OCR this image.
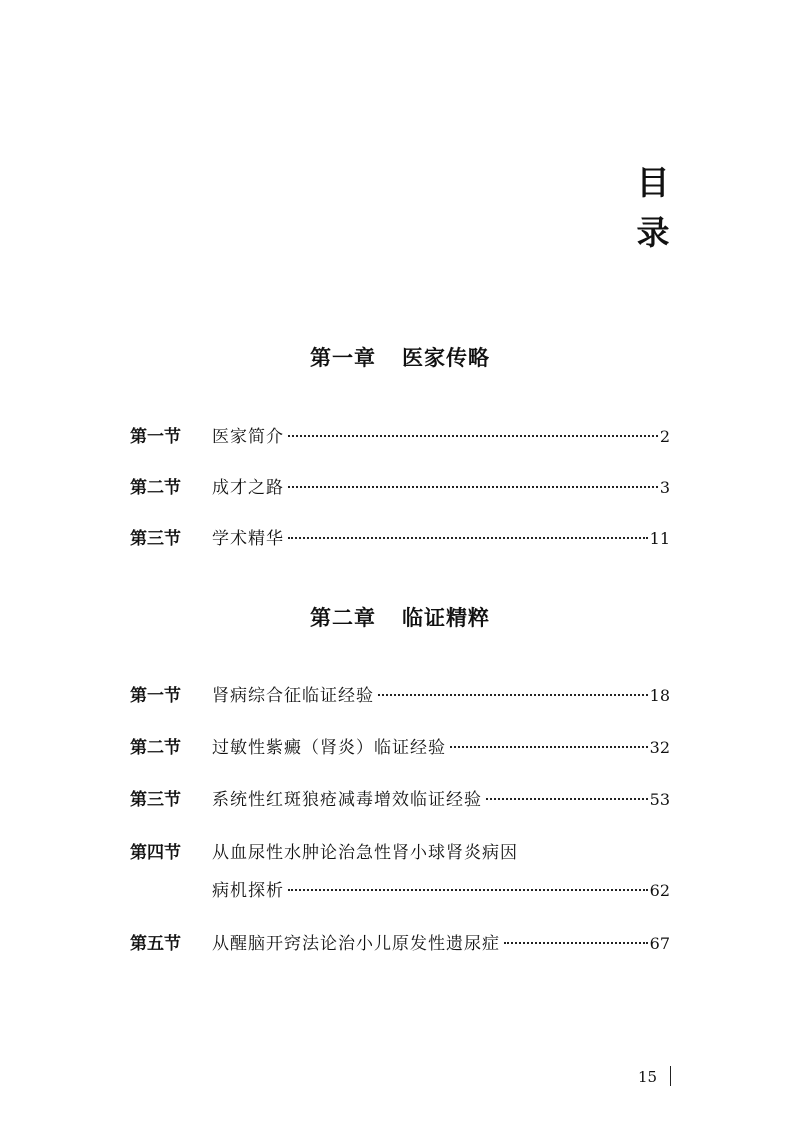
目
录
第一章 医家传略
第一节 医家简介	2
第二节 成才之路	3
第三节 学术精华	11
第二章 临证精粹
第一节 肾病综合征临证经验	18
第二节 过敏性紫癜（肾炎）临证经验	32
第三节 系统性红斑狼疮减毒增效临证经验	53
第四节 从血尿性水肿论治急性肾小球肾炎病因
病机探析	62
第五节 从醒脑开窍法论治小儿原发性遗尿症	67
15
